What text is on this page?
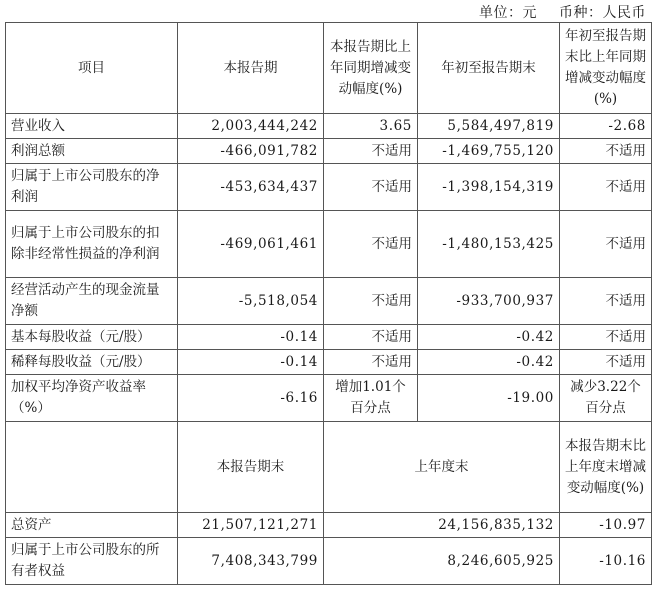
单位：元 币种：人民币
项目	本报告期	本报告期比上年同期增减变动幅度(%)	年初至报告期末	年初至报告期末比上年同期增减变动幅度(%)
营业收入	2,003,444,242	3.65	5,584,497,819	-2.68
利润总额	-466,091,782	不适用	-1,469,755,120	不适用
归属于上市公司股东的净利润	-453,634,437	不适用	-1,398,154,319	不适用
归属于上市公司股东的扣除非经常性损益的净利润	-469,061,461	不适用	-1,480,153,425	不适用
经营活动产生的现金流量净额	-5,518,054	不适用	-933,700,937	不适用
基本每股收益（元/股）	-0.14	不适用	-0.42	不适用
稀释每股收益（元/股）	-0.14	不适用	-0.42	不适用
加权平均净资产收益率（%）	-6.16	增加1.01个百分点	-19.00	减少3.22个百分点
	本报告期末	上年度末		本报告期末比上年度末增减变动幅度(%)
总资产	21,507,121,271	24,156,835,132		-10.97
归属于上市公司股东的所有者权益	7,408,343,799	8,246,605,925		-10.16
